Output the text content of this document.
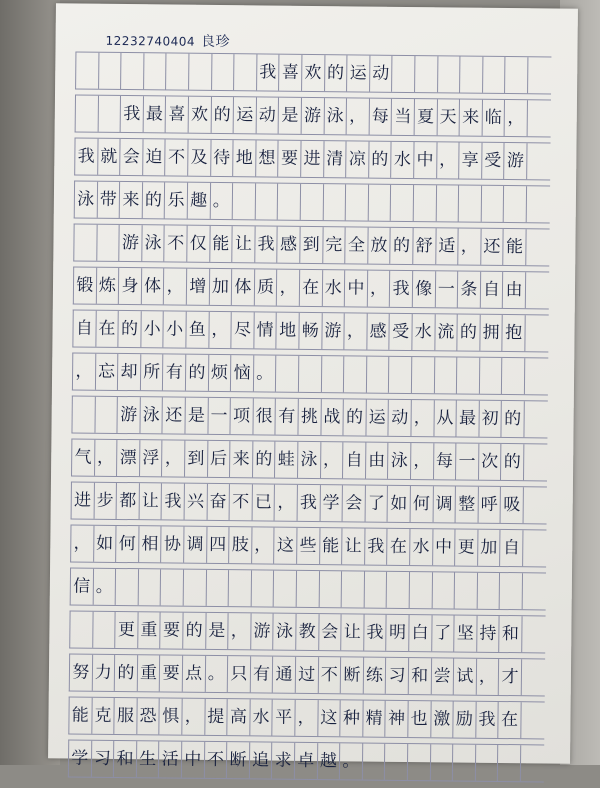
12232740404 良珍
我 喜 欢 的 运 动
我 最 喜 欢 的 运 动 是 游 泳 ， 每 当 夏 天 来 临 ，
我 就 会 迫 不 及 待 地 想 要 进 清 凉 的 水 中 ， 享 受 游
泳 带 来 的 乐 趣 。
游 泳 不 仅 能 让 我 感 到 完 全 放 的 舒 适 ， 还 能
锻 炼 身 体 ， 增 加 体 质 ， 在 水 中 ， 我 像 一 条 自 由
自 在 的 小 小 鱼 ， 尽 情 地 畅 游 ， 感 受 水 流 的 拥 抱
， 忘 却 所 有 的 烦 恼 。
游 泳 还 是 一 项 很 有 挑 战 的 运 动 ， 从 最 初 的
气 ， 漂 浮 ， 到 后 来 的 蛙 泳 ， 自 由 泳 ， 每 一 次 的
进 步 都 让 我 兴 奋 不 已 ， 我 学 会 了 如 何 调 整 呼 吸
， 如 何 相 协 调 四 肢 ， 这 些 能 让 我 在 水 中 更 加 自
信 。
更 重 要 的 是 ， 游 泳 教 会 让 我 明 白 了 坚 持 和
努 力 的 重 要 点 。 只 有 通 过 不 断 练 习 和 尝 试 ， 才
能 克 服 恐 惧 ， 提 高 水 平 ， 这 种 精 神 也 激 励 我 在
学 习 和 生 活 中 不 断 追 求 卓 越 。
